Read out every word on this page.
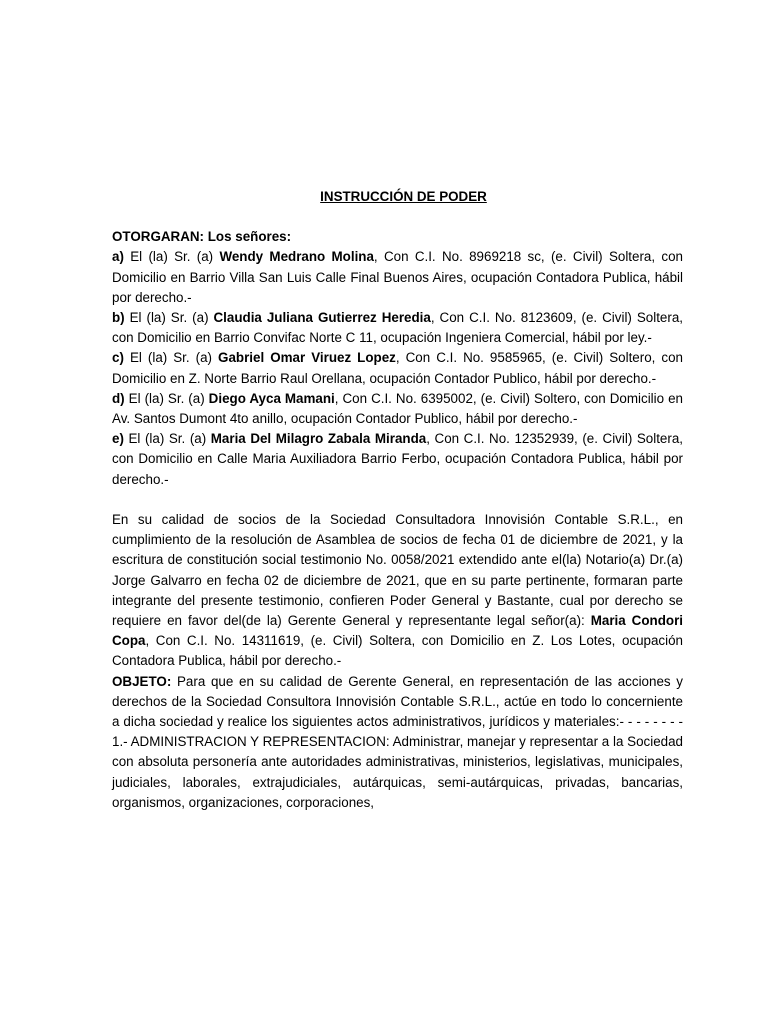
INSTRUCCIÓN DE PODER

OTORGARAN: Los señores:

a) El (la) Sr. (a) Wendy Medrano Molina, Con C.I. No. 8969218 sc, (e. Civil) Soltera, con Domicilio en Barrio Villa San Luis Calle Final Buenos Aires, ocupación Contadora Publica, hábil por derecho.-

b) El (la) Sr. (a) Claudia Juliana Gutierrez Heredia, Con C.I. No. 8123609, (e. Civil) Soltera, con Domicilio en Barrio Convifac Norte C 11, ocupación Ingeniera Comercial, hábil por ley.-

c) El (la) Sr. (a) Gabriel Omar Viruez Lopez, Con C.I. No. 9585965, (e. Civil) Soltero, con Domicilio en Z. Norte Barrio Raul Orellana, ocupación Contador Publico, hábil por derecho.-

d) El (la) Sr. (a) Diego Ayca Mamani, Con C.I. No. 6395002, (e. Civil) Soltero, con Domicilio en Av. Santos Dumont 4to anillo, ocupación Contador Publico, hábil por derecho.-

e) El (la) Sr. (a) Maria Del Milagro Zabala Miranda, Con C.I. No. 12352939, (e. Civil) Soltera, con Domicilio en Calle Maria Auxiliadora Barrio Ferbo, ocupación Contadora Publica, hábil por derecho.-

En su calidad de socios de la Sociedad Consultadora Innovisión Contable S.R.L., en cumplimiento de la resolución de Asamblea de socios de fecha 01 de diciembre de 2021, y la escritura de constitución social testimonio No. 0058/2021 extendido ante el(la) Notario(a) Dr.(a) Jorge Galvarro en fecha 02 de diciembre de 2021, que en su parte pertinente, formaran parte integrante del presente testimonio, confieren Poder General y Bastante, cual por derecho se requiere en favor del(de la) Gerente General y representante legal señor(a): Maria Condori Copa, Con C.I. No. 14311619, (e. Civil) Soltera, con Domicilio en Z. Los Lotes, ocupación Contadora Publica, hábil por derecho.-

OBJETO: Para que en su calidad de Gerente General, en representación de las acciones y derechos de la Sociedad Consultora Innovisión Contable S.R.L., actúe en todo lo concerniente a dicha sociedad y realice los siguientes actos administrativos, jurídicos y materiales:- - - - - - - - 1.- ADMINISTRACION Y REPRESENTACION: Administrar, manejar y representar a la Sociedad con absoluta personería ante autoridades administrativas, ministerios, legislativas, municipales, judiciales, laborales, extrajudiciales, autárquicas, semi-autárquicas, privadas, bancarias, organismos, organizaciones, corporaciones,
